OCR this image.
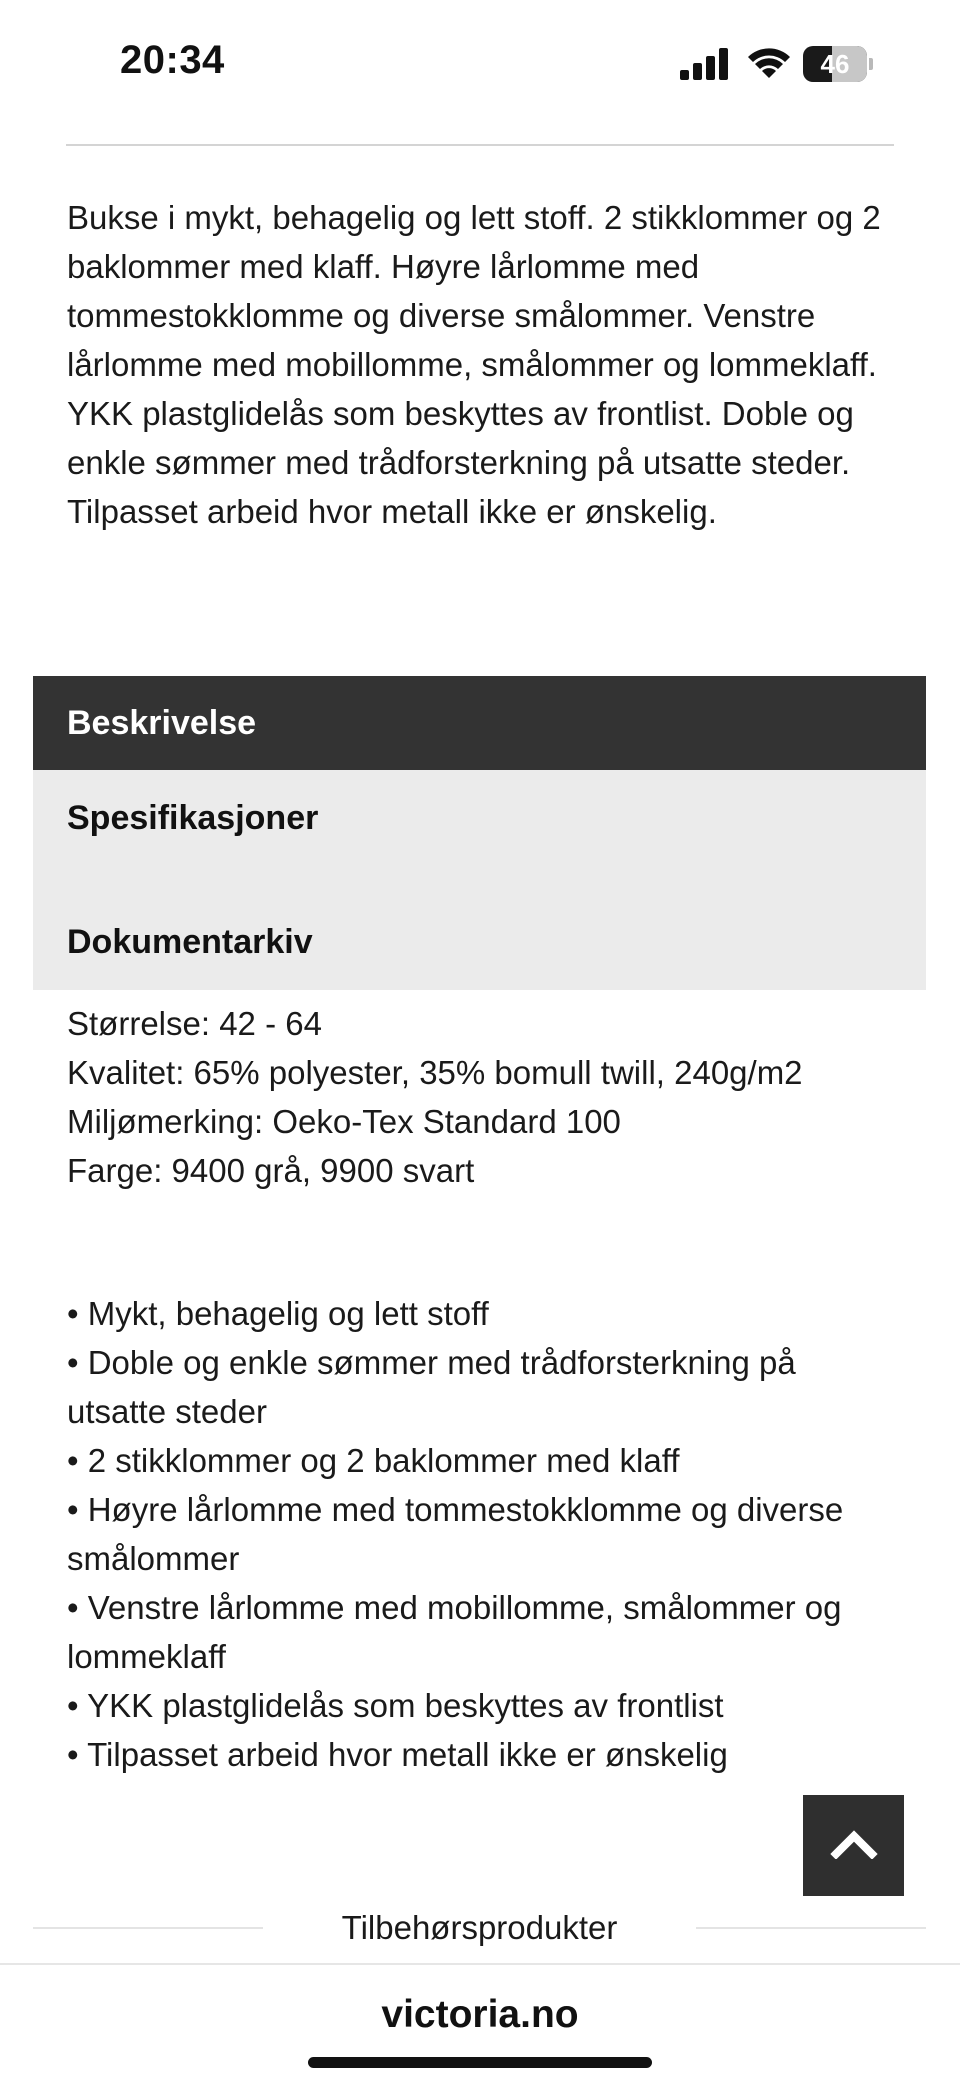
20:34	46

Bukse i mykt, behagelig og lett stoff. 2 stikklommer og 2 baklommer med klaff. Høyre lårlomme med tommestokklomme og diverse smålommer. Venstre lårlomme med mobillomme, smålommer og lommeklaff. YKK plastglidelås som beskyttes av frontlist. Doble og enkle sømmer med trådforsterkning på utsatte steder. Tilpasset arbeid hvor metall ikke er ønskelig.

Beskrivelse
Spesifikasjoner
Dokumentarkiv
Størrelse: 42 - 64
Kvalitet: 65% polyester, 35% bomull twill, 240g/m2
Miljømerking: Oeko-Tex Standard 100
Farge: 9400 grå, 9900 svart
• Mykt, behagelig og lett stoff
• Doble og enkle sømmer med trådforsterkning på utsatte steder
• 2 stikklommer og 2 baklommer med klaff
• Høyre lårlomme med tommestokklomme og diverse smålommer
• Venstre lårlomme med mobillomme, smålommer og lommeklaff
• YKK plastglidelås som beskyttes av frontlist
• Tilpasset arbeid hvor metall ikke er ønskelig
Tilbehørsprodukter
victoria.no
